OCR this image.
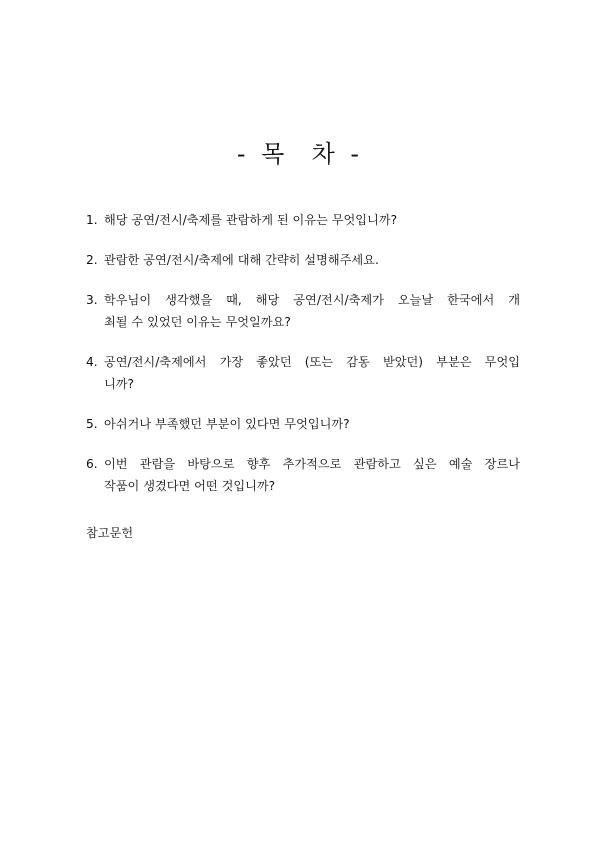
- 목  차 -
1. 해당 공연/전시/축제를 관람하게 된 이유는 무엇입니까?
2. 관람한 공연/전시/축제에 대해 간략히 설명해주세요.
3. 학우님이 생각했을 때, 해당 공연/전시/축제가 오늘날 한국에서 개
최될 수 있었던 이유는 무엇일까요?
4. 공연/전시/축제에서 가장 좋았던 (또는 감동 받았던) 부분은 무엇입
니까?
5. 아쉬거나 부족했던 부분이 있다면 무엇입니까?
6. 이번 관람을 바탕으로 향후 추가적으로 관람하고 싶은 예술 장르나
작품이 생겼다면 어떤 것입니까?
참고문헌
